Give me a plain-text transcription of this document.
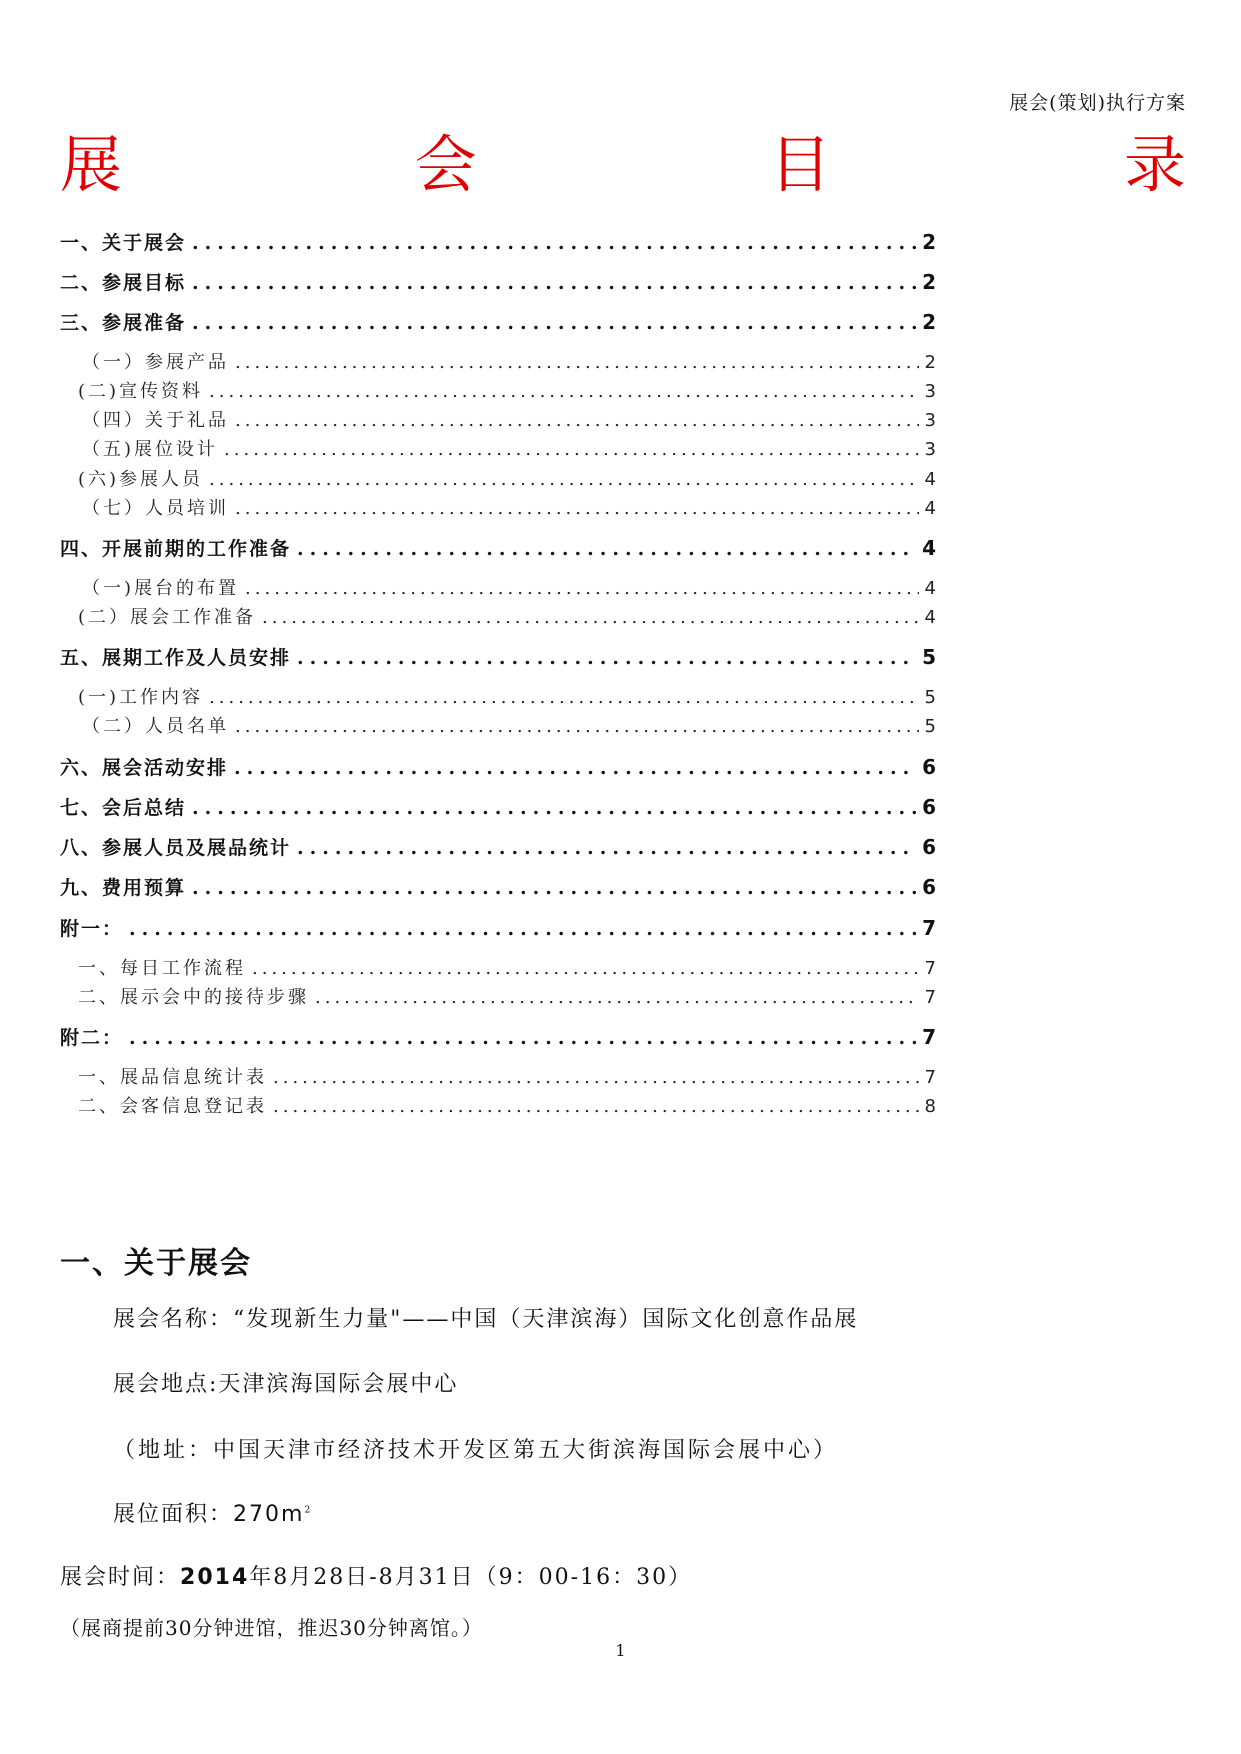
展会(策划)执行方案
展	会	目	录
一、关于展会 .....	2
二、参展目标 .....	2
三、参展准备 .....	2
（一）参展产品 .....	2
(二)宣传资料 .....	3
（四）关于礼品 .....	3
（五)展位设计 .....	3
(六)参展人员 .....	4
（七）人员培训 .....	4
四、开展前期的工作准备 .....	4
（一)展台的布置 .....	4
(二）展会工作准备 .....	4
五、展期工作及人员安排 .....	5
(一)工作内容 .....	5
（二）人员名单 .....	5
六、展会活动安排 .....	6
七、会后总结 .....	6
八、参展人员及展品统计 .....	6
九、费用预算 .....	6
附一： .....	7
一、每日工作流程 .....	7
二、展示会中的接待步骤 .....	7
附二： .....	7
一、展品信息统计表 .....	7
二、会客信息登记表 .....	8
一、关于展会
展会名称：“发现新生力量"——中国（天津滨海）国际文化创意作品展
展会地点:天津滨海国际会展中心
（地址：中国天津市经济技术开发区第五大街滨海国际会展中心）
展位面积：$270m^2$
展会时间：2014年8月28日-8月31日（9：00-16：30）
（展商提前30分钟进馆，推迟30分钟离馆。）
1
